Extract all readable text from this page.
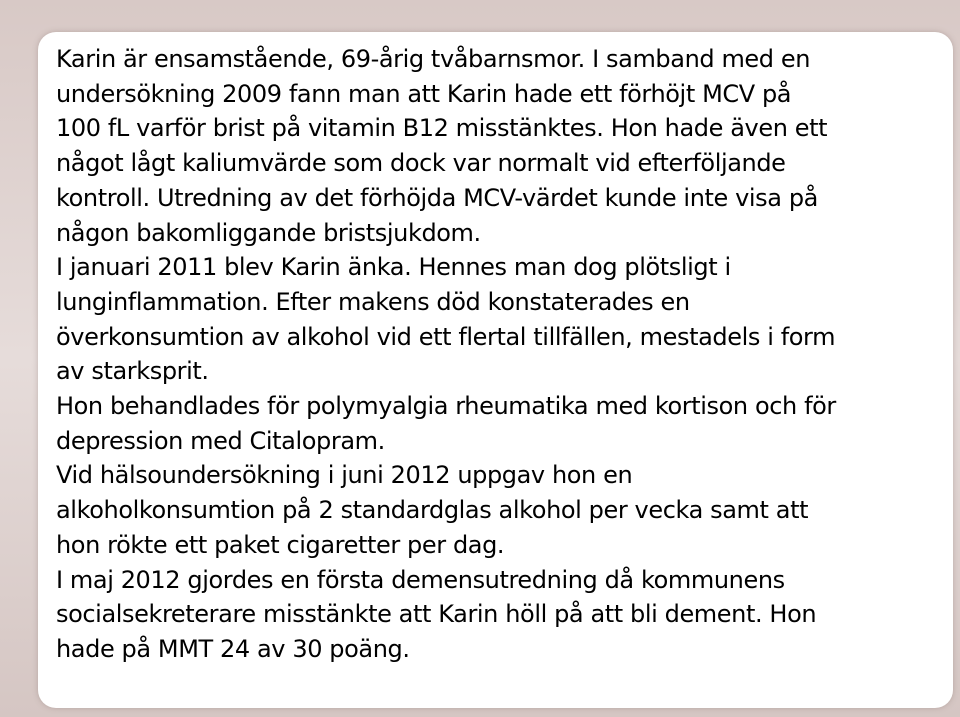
Karin är ensamstående, 69-årig tvåbarnsmor. I samband med en
undersökning 2009 fann man att Karin hade ett förhöjt MCV på
100 fL varför brist på vitamin B12 misstänktes. Hon hade även ett
något lågt kaliumvärde som dock var normalt vid efterföljande
kontroll. Utredning av det förhöjda MCV-värdet kunde inte visa på
någon bakomliggande bristsjukdom.
I januari 2011 blev Karin änka. Hennes man dog plötsligt i
lunginflammation. Efter makens död konstaterades en
överkonsumtion av alkohol vid ett flertal tillfällen, mestadels i form
av starksprit.
Hon behandlades för polymyalgia rheumatika med kortison och för
depression med Citalopram.
Vid hälsoundersökning i juni 2012 uppgav hon en
alkoholkonsumtion på 2 standardglas alkohol per vecka samt att
hon rökte ett paket cigaretter per dag.
I maj 2012 gjordes en första demensutredning då kommunens
socialsekreterare misstänkte att Karin höll på att bli dement. Hon
hade på MMT 24 av 30 poäng.
